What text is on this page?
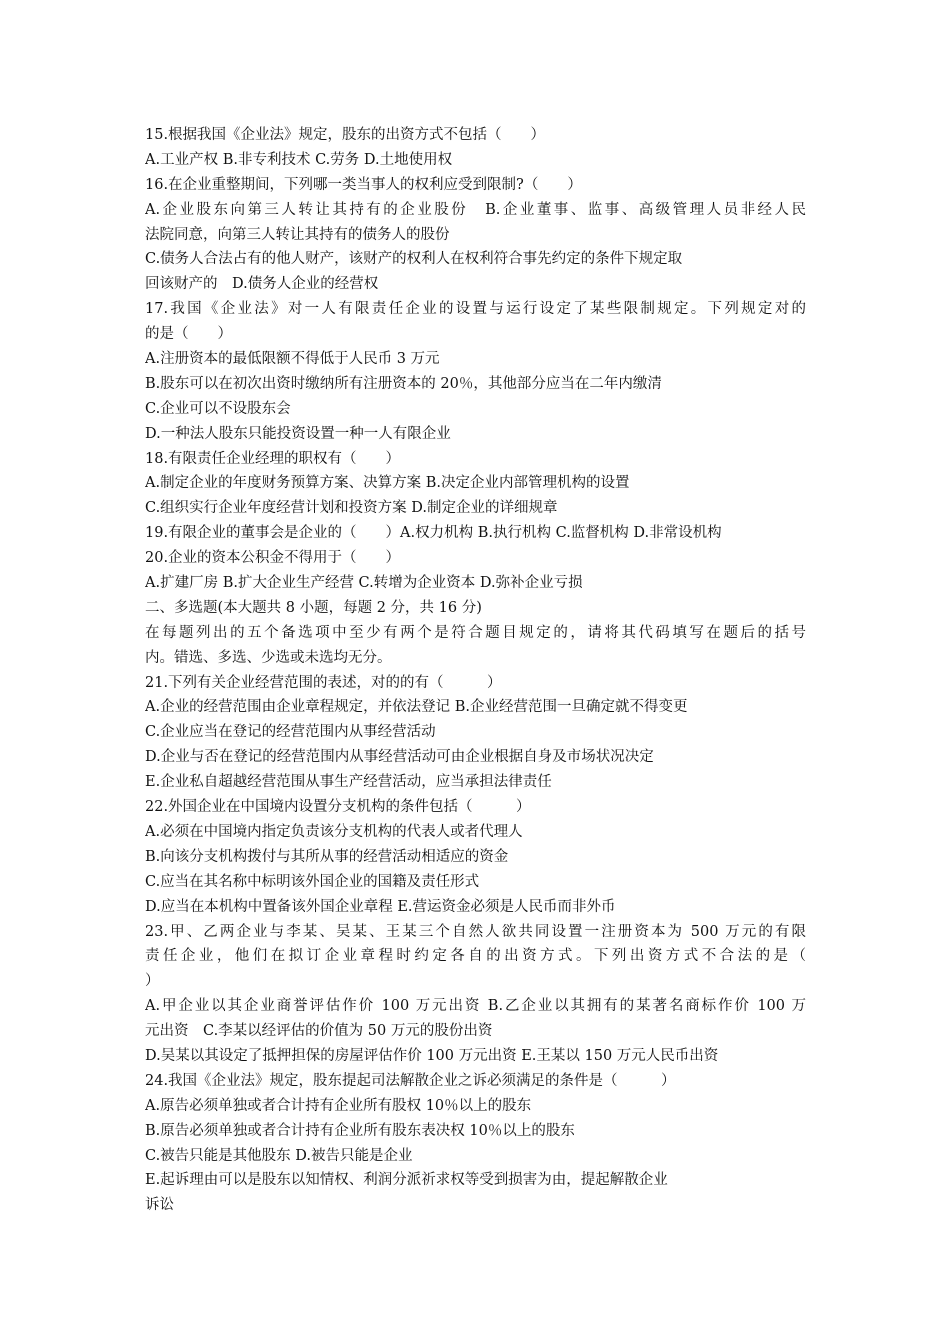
15.根据我国《企业法》规定，股东的出资方式不包括（　　）
A.工业产权 B.非专利技术 C.劳务 D.土地使用权
16.在企业重整期间，下列哪一类当事人的权利应受到限制?（　　）
A.企业股东向第三人转让其持有的企业股份　B.企业董事、监事、高级管理人员非经人民
法院同意，向第三人转让其持有的债务人的股份
C.债务人合法占有的他人财产，该财产的权利人在权利符合事先约定的条件下规定取
回该财产的　D.债务人企业的经营权
17.我国《企业法》对一人有限责任企业的设置与运行设定了某些限制规定。下列规定对的
的是（　　）
A.注册资本的最低限额不得低于人民币 3 万元
B.股东可以在初次出资时缴纳所有注册资本的 20％，其他部分应当在二年内缴清
C.企业可以不设股东会
D.一种法人股东只能投资设置一种一人有限企业
18.有限责任企业经理的职权有（　　）
A.制定企业的年度财务预算方案、决算方案 B.决定企业内部管理机构的设置
C.组织实行企业年度经营计划和投资方案 D.制定企业的详细规章
19.有限企业的董事会是企业的（　　）A.权力机构 B.执行机构 C.监督机构 D.非常设机构
20.企业的资本公积金不得用于（　　）
A.扩建厂房 B.扩大企业生产经营 C.转增为企业资本 D.弥补企业亏损
二、多选题(本大题共 8 小题，每题 2 分，共 16 分)
在每题列出的五个备选项中至少有两个是符合题目规定的，请将其代码填写在题后的括号
内。错选、多选、少选或未选均无分。
21.下列有关企业经营范围的表述，对的的有（　　　）
A.企业的经营范围由企业章程规定，并依法登记 B.企业经营范围一旦确定就不得变更
C.企业应当在登记的经营范围内从事经营活动
D.企业与否在登记的经营范围内从事经营活动可由企业根据自身及市场状况决定
E.企业私自超越经营范围从事生产经营活动，应当承担法律责任
22.外国企业在中国境内设置分支机构的条件包括（　　　）
A.必须在中国境内指定负责该分支机构的代表人或者代理人
B.向该分支机构拨付与其所从事的经营活动相适应的资金
C.应当在其名称中标明该外国企业的国籍及责任形式
D.应当在本机构中置备该外国企业章程 E.营运资金必须是人民币而非外币
23.甲、乙两企业与李某、吴某、王某三个自然人欲共同设置一注册资本为 500 万元的有限
责任企业，他们在拟订企业章程时约定各自的出资方式。下列出资方式不合法的是（
）
A.甲企业以其企业商誉评估作价 100 万元出资 B.乙企业以其拥有的某著名商标作价 100 万
元出资　C.李某以经评估的价值为 50 万元的股份出资
D.吴某以其设定了抵押担保的房屋评估作价 100 万元出资 E.王某以 150 万元人民币出资
24.我国《企业法》规定，股东提起司法解散企业之诉必须满足的条件是（　　　）
A.原告必须单独或者合计持有企业所有股权 10％以上的股东
B.原告必须单独或者合计持有企业所有股东表决权 10％以上的股东
C.被告只能是其他股东 D.被告只能是企业
E.起诉理由可以是股东以知情权、利润分派祈求权等受到损害为由，提起解散企业
诉讼
